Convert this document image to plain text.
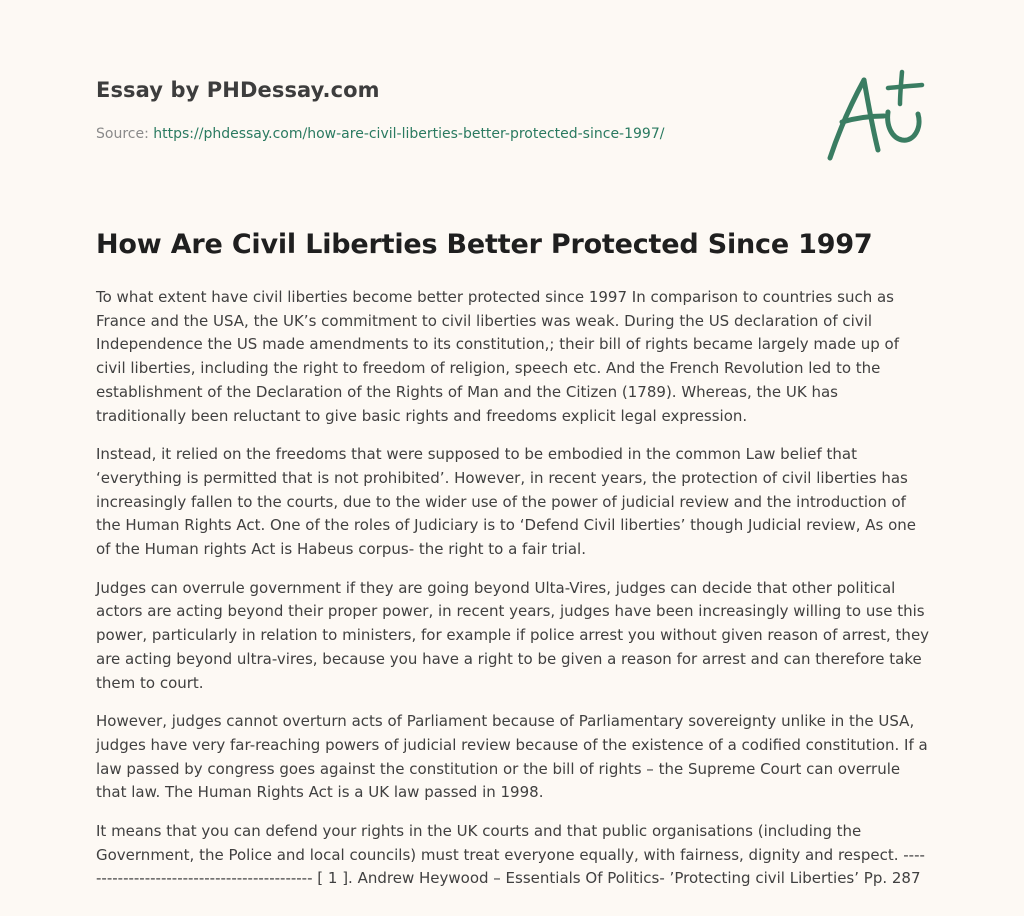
Essay by PHDessay.com
Source: https://phdessay.com/how-are-civil-liberties-better-protected-since-1997/
How Are Civil Liberties Better Protected Since 1997

To what extent have civil liberties become better protected since 1997 In comparison to countries such as France and the USA, the UK’s commitment to civil liberties was weak. During the US declaration of civil Independence the US made amendments to its constitution,; their bill of rights became largely made up of civil liberties, including the right to freedom of religion, speech etc. And the French Revolution led to the establishment of the Declaration of the Rights of Man and the Citizen (1789). Whereas, the UK has traditionally been reluctant to give basic rights and freedoms explicit legal expression.

Instead, it relied on the freedoms that were supposed to be embodied in the common Law belief that ‘everything is permitted that is not prohibited’. However, in recent years, the protection of civil liberties has increasingly fallen to the courts, due to the wider use of the power of judicial review and the introduction of the Human Rights Act. One of the roles of Judiciary is to ‘Defend Civil liberties’ though Judicial review, As one of the Human rights Act is Habeus corpus- the right to a fair trial.

Judges can overrule government if they are going beyond Ulta-Vires, judges can decide that other political actors are acting beyond their proper power, in recent years, judges have been increasingly willing to use this power, particularly in relation to ministers, for example if police arrest you without given reason of arrest, they are acting beyond ultra-vires, because you have a right to be given a reason for arrest and can therefore take them to court.

However, judges cannot overturn acts of Parliament because of Parliamentary sovereignty unlike in the USA, judges have very far-reaching powers of judicial review because of the existence of a codified constitution. If a law passed by congress goes against the constitution or the bill of rights – the Supreme Court can overrule that law. The Human Rights Act is a UK law passed in 1998.

It means that you can defend your rights in the UK courts and that public organisations (including the Government, the Police and local councils) must treat everyone equally, with fairness, dignity and respect. -------------------------------------------- [ 1 ]. Andrew Heywood – Essentials Of Politics- ’Protecting civil Liberties’ Pp. 287
